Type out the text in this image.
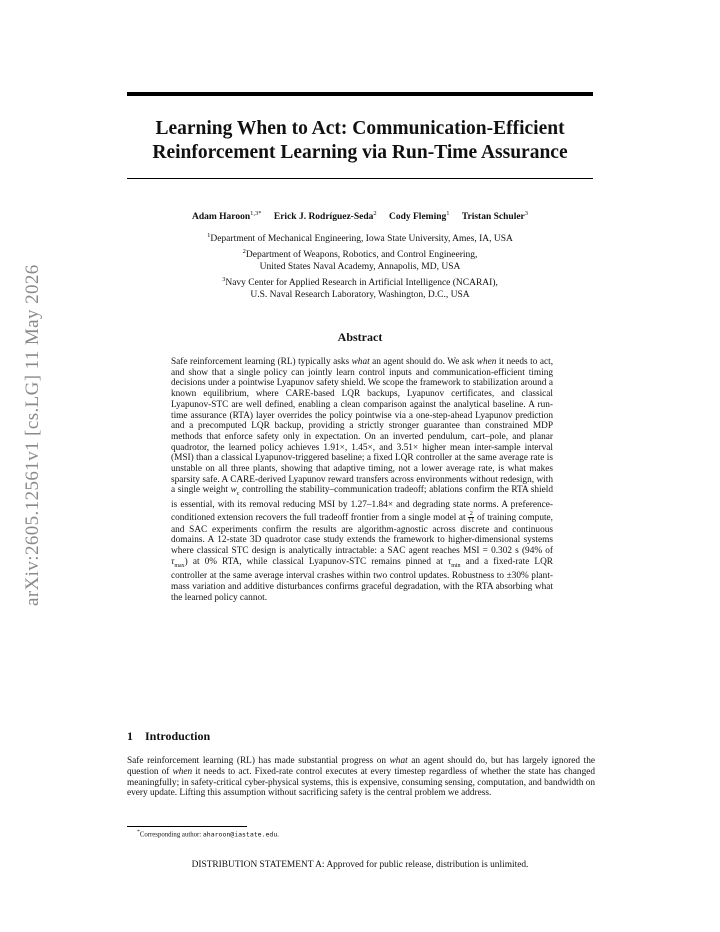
arXiv:2605.12561v1 [cs.LG] 11 May 2026
Learning When to Act: Communication-Efficient
Reinforcement Learning via Run-Time Assurance
Adam Haroon$^{1,3*}$ Erick J. Rodríguez-Seda$^2$ Cody Fleming$^1$ Tristan Schuler$^3$
$^1$Department of Mechanical Engineering, Iowa State University, Ames, IA, USA
$^2$Department of Weapons, Robotics, and Control Engineering,
United States Naval Academy, Annapolis, MD, USA
$^3$Navy Center for Applied Research in Artificial Intelligence (NCARAI),
U.S. Naval Research Laboratory, Washington, D.C., USA
Abstract
Safe reinforcement learning (RL) typically asks what an agent should do. We ask when it needs to act, and show that a single policy can jointly learn control inputs and communication-efficient timing decisions under a pointwise Lyapunov safety shield. We scope the framework to stabilization around a known equilibrium, where CARE-based LQR backups, Lyapunov certificates, and classical Lyapunov-STC are well defined, enabling a clean comparison against the analytical baseline. A run-time assurance (RTA) layer overrides the policy pointwise via a one-step-ahead Lyapunov prediction and a precomputed LQR backup, providing a strictly stronger guarantee than constrained MDP methods that enforce safety only in expectation. On an inverted pendulum, cart–pole, and planar quadrotor, the learned policy achieves 1.91×, 1.45×, and 3.51× higher mean inter-sample interval (MSI) than a classical Lyapunov-triggered baseline; a fixed LQR controller at the same average rate is unstable on all three plants, showing that adaptive timing, not a lower average rate, is what makes sparsity safe. A CARE-derived Lyapunov reward transfers across environments without redesign, with a single weight $w_c$ controlling the stability–communication tradeoff; ablations confirm the RTA shield is essential, with its removal reducing MSI by 1.27–1.84× and degrading state norms. A preference-conditioned extension recovers the full tradeoff frontier from a single model at $\frac{2}{11}$ of training compute, and SAC experiments confirm the results are algorithm-agnostic across discrete and continuous domains. A 12-state 3D quadrotor case study extends the framework to higher-dimensional systems where classical STC design is analytically intractable: a SAC agent reaches MSI = 0.302 s (94% of $\tau_{max}$) at 0% RTA, while classical Lyapunov-STC remains pinned at $\tau_{min}$ and a fixed-rate LQR controller at the same average interval crashes within two control updates. Robustness to ±30% plant-mass variation and additive disturbances confirms graceful degradation, with the RTA absorbing what the learned policy cannot.
1 Introduction
Safe reinforcement learning (RL) has made substantial progress on what an agent should do, but has largely ignored the question of when it needs to act. Fixed-rate control executes at every timestep regardless of whether the state has changed meaningfully; in safety-critical cyber-physical systems, this is expensive, consuming sensing, computation, and bandwidth on every update. Lifting this assumption without sacrificing safety is the central problem we address.
*Corresponding author: aharoon@iastate.edu.
DISTRIBUTION STATEMENT A: Approved for public release, distribution is unlimited.
